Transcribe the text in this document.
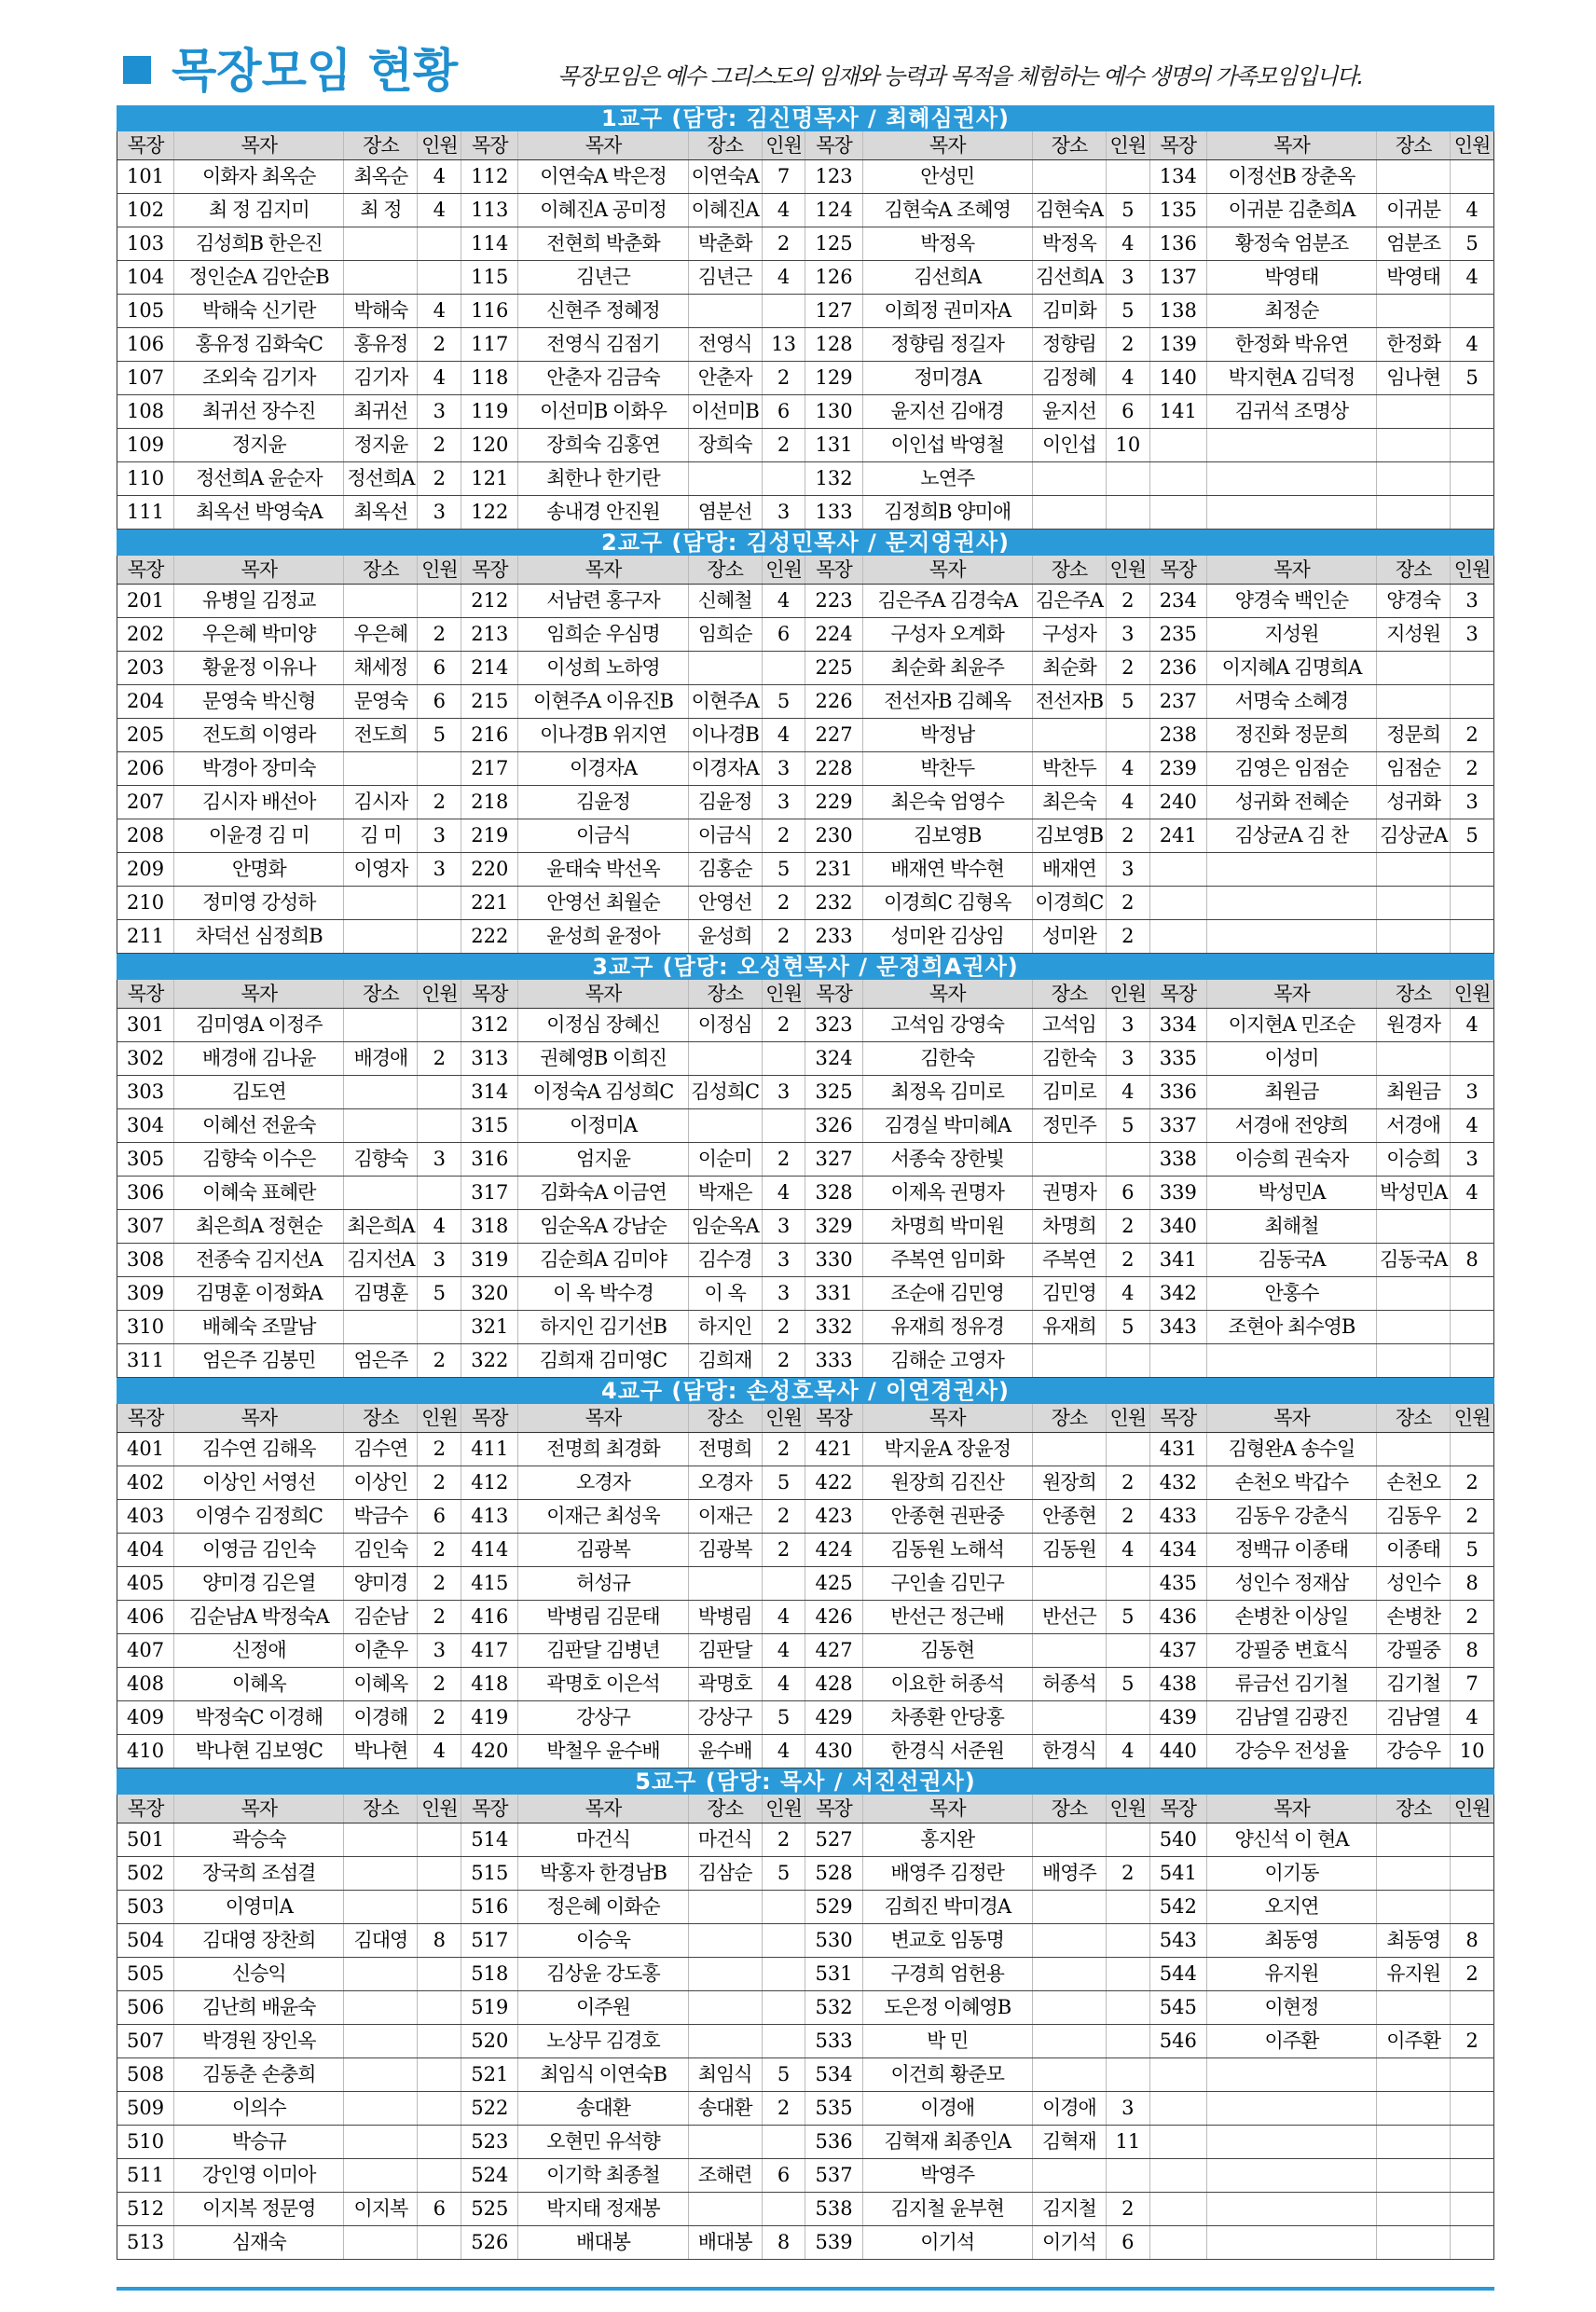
목장모임 현황	목장모임은 예수 그리스도의 임재와 능력과 목적을 체험하는 예수 생명의 가족모임입니다.
1교구 (담당: 김신명목사 / 최혜심권사)
목장	목자	장소	인원	목장	목자	장소	인원	목장	목자	장소	인원	목장	목자	장소	인원
101	이화자 최옥순	최옥순	4	112	이연숙A 박은정	이연숙A	7	123	안성민			134	이정선B 장춘옥		
102	최 정 김지미	최 정	4	113	이혜진A 공미정	이혜진A	4	124	김현숙A 조혜영	김현숙A	5	135	이귀분 김춘희A	이귀분	4
103	김성희B 한은진			114	전현희 박춘화	박춘화	2	125	박정옥	박정옥	4	136	황정숙 엄분조	엄분조	5
104	정인순A 김안순B			115	김년근	김년근	4	126	김선희A	김선희A	3	137	박영태	박영태	4
105	박해숙 신기란	박해숙	4	116	신현주 정혜정			127	이희정 권미자A	김미화	5	138	최정순		
106	홍유정 김화숙C	홍유정	2	117	전영식 김점기	전영식	13	128	정향림 정길자	정향림	2	139	한정화 박유연	한정화	4
107	조외숙 김기자	김기자	4	118	안춘자 김금숙	안춘자	2	129	정미경A	김정혜	4	140	박지현A 김덕정	임나현	5
108	최귀선 장수진	최귀선	3	119	이선미B 이화우	이선미B	6	130	윤지선 김애경	윤지선	6	141	김귀석 조명상		
109	정지윤	정지윤	2	120	장희숙 김홍연	장희숙	2	131	이인섭 박영철	이인섭	10				
110	정선희A 윤순자	정선희A	2	121	최한나 한기란			132	노연주						
111	최옥선 박영숙A	최옥선	3	122	송내경 안진원	염분선	3	133	김정희B 양미애						
2교구 (담당: 김성민목사 / 문지영권사)
목장	목자	장소	인원	목장	목자	장소	인원	목장	목자	장소	인원	목장	목자	장소	인원
201	유병일 김정교			212	서남련 홍구자	신혜철	4	223	김은주A 김경숙A	김은주A	2	234	양경숙 백인순	양경숙	3
202	우은혜 박미양	우은혜	2	213	임희순 우심명	임희순	6	224	구성자 오계화	구성자	3	235	지성원	지성원	3
203	황윤정 이유나	채세정	6	214	이성희 노하영			225	최순화 최윤주	최순화	2	236	이지혜A 김명희A		
204	문영숙 박신형	문영숙	6	215	이현주A 이유진B	이현주A	5	226	전선자B 김혜옥	전선자B	5	237	서명숙 소혜경		
205	전도희 이영라	전도희	5	216	이나경B 위지연	이나경B	4	227	박정남			238	정진화 정문희	정문희	2
206	박경아 장미숙			217	이경자A	이경자A	3	228	박찬두	박찬두	4	239	김영은 임점순	임점순	2
207	김시자 배선아	김시자	2	218	김윤정	김윤정	3	229	최은숙 엄영수	최은숙	4	240	성귀화 전혜순	성귀화	3
208	이윤경 김 미	김 미	3	219	이금식	이금식	2	230	김보영B	김보영B	2	241	김상균A 김 찬	김상균A	5
209	안명화	이영자	3	220	윤태숙 박선옥	김홍순	5	231	배재연 박수현	배재연	3				
210	정미영 강성하			221	안영선 최월순	안영선	2	232	이경희C 김형옥	이경희C	2				
211	차덕선 심정희B			222	윤성희 윤정아	윤성희	2	233	성미완 김상임	성미완	2				
3교구 (담당: 오성현목사 / 문정희A권사)
목장	목자	장소	인원	목장	목자	장소	인원	목장	목자	장소	인원	목장	목자	장소	인원
301	김미영A 이정주			312	이정심 장혜신	이정심	2	323	고석임 강영숙	고석임	3	334	이지현A 민조순	원경자	4
302	배경애 김나윤	배경애	2	313	권혜영B 이희진			324	김한숙	김한숙	3	335	이성미		
303	김도연			314	이정숙A 김성희C	김성희C	3	325	최정옥 김미로	김미로	4	336	최원금	최원금	3
304	이혜선 전윤숙			315	이정미A			326	김경실 박미혜A	정민주	5	337	서경애 전양희	서경애	4
305	김향숙 이수은	김향숙	3	316	엄지윤	이순미	2	327	서종숙 장한빛			338	이승희 권숙자	이승희	3
306	이혜숙 표혜란			317	김화숙A 이금연	박재은	4	328	이제옥 권명자	권명자	6	339	박성민A	박성민A	4
307	최은희A 정현순	최은희A	4	318	임순옥A 강남순	임순옥A	3	329	차명희 박미원	차명희	2	340	최해철		
308	전종숙 김지선A	김지선A	3	319	김순희A 김미야	김수경	3	330	주복연 임미화	주복연	2	341	김동국A	김동국A	8
309	김명훈 이정화A	김명훈	5	320	이 옥 박수경	이 옥	3	331	조순애 김민영	김민영	4	342	안홍수		
310	배혜숙 조말남			321	하지인 김기선B	하지인	2	332	유재희 정유경	유재희	5	343	조현아 최수영B		
311	엄은주 김봉민	엄은주	2	322	김희재 김미영C	김희재	2	333	김해순 고영자						
4교구 (담당: 손성호목사 / 이연경권사)
목장	목자	장소	인원	목장	목자	장소	인원	목장	목자	장소	인원	목장	목자	장소	인원
401	김수연 김해옥	김수연	2	411	전명희 최경화	전명희	2	421	박지윤A 장윤정			431	김형완A 송수일		
402	이상인 서영선	이상인	2	412	오경자	오경자	5	422	원장희 김진산	원장희	2	432	손천오 박갑수	손천오	2
403	이영수 김정희C	박금수	6	413	이재근 최성욱	이재근	2	423	안종현 권판중	안종현	2	433	김동우 강춘식	김동우	2
404	이영금 김인숙	김인숙	2	414	김광복	김광복	2	424	김동원 노해석	김동원	4	434	정백규 이종태	이종태	5
405	양미경 김은열	양미경	2	415	허성규			425	구인솔 김민구			435	성인수 정재삼	성인수	8
406	김순남A 박정숙A	김순남	2	416	박병림 김문태	박병림	4	426	반선근 정근배	반선근	5	436	손병찬 이상일	손병찬	2
407	신정애	이춘우	3	417	김판달 김병년	김판달	4	427	김동현			437	강필중 변효식	강필중	8
408	이혜옥	이혜옥	2	418	곽명호 이은석	곽명호	4	428	이요한 허종석	허종석	5	438	류금선 김기철	김기철	7
409	박정숙C 이경해	이경해	2	419	강상구	강상구	5	429	차종환 안당홍			439	김남열 김광진	김남열	4
410	박나현 김보영C	박나현	4	420	박철우 윤수배	윤수배	4	430	한경식 서준원	한경식	4	440	강승우 전성율	강승우	10
5교구 (담당: 목사 / 서진선권사)
목장	목자	장소	인원	목장	목자	장소	인원	목장	목자	장소	인원	목장	목자	장소	인원
501	곽승숙			514	마건식	마건식	2	527	홍지완			540	양신석 이 현A		
502	장국희 조섬결			515	박홍자 한경남B	김삼순	5	528	배영주 김정란	배영주	2	541	이기동		
503	이영미A			516	정은혜 이화순			529	김희진 박미경A			542	오지연		
504	김대영 장찬희	김대영	8	517	이승욱			530	변교호 임동명			543	최동영	최동영	8
505	신승익			518	김상윤 강도홍			531	구경희 엄헌용			544	유지원	유지원	2
506	김난희 배윤숙			519	이주원			532	도은정 이혜영B			545	이현정		
507	박경원 장인옥			520	노상무 김경호			533	박 민			546	이주환	이주환	2
508	김동춘 손충희			521	최임식 이연숙B	최임식	5	534	이건희 황준모						
509	이의수			522	송대환	송대환	2	535	이경애	이경애	3				
510	박승규			523	오현민 유석향			536	김혁재 최종인A	김혁재	11				
511	강인영 이미아			524	이기학 최종철	조해련	6	537	박영주						
512	이지복 정문영	이지복	6	525	박지태 정재봉			538	김지철 윤부현	김지철	2				
513	심재숙			526	배대봉	배대봉	8	539	이기석	이기석	6				
